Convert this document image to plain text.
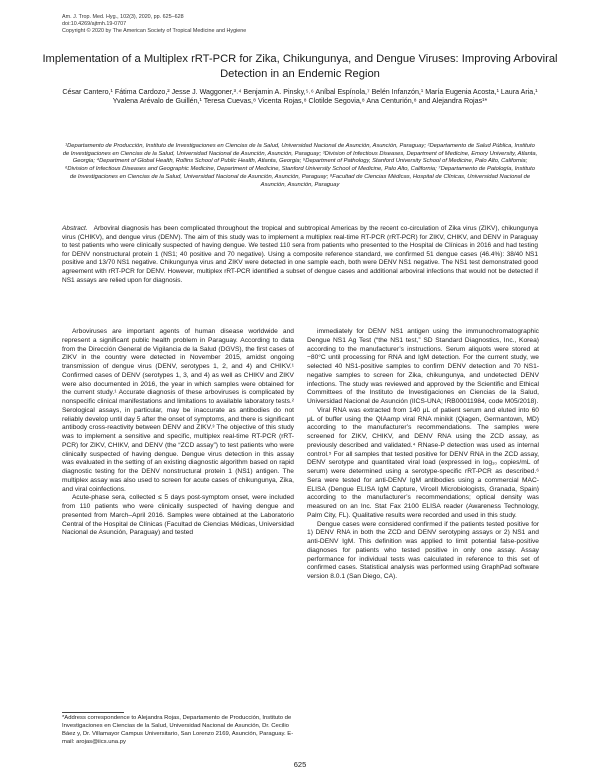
Am. J. Trop. Med. Hyg., 102(3), 2020, pp. 625–628
doi:10.4269/ajtmh.19-0707
Copyright © 2020 by The American Society of Tropical Medicine and Hygiene
Implementation of a Multiplex rRT-PCR for Zika, Chikungunya, and Dengue Viruses: Improving Arboviral Detection in an Endemic Region
César Cantero,¹ Fátima Cardozo,² Jesse J. Waggoner,³˒⁴ Benjamin A. Pinsky,⁵˒⁶ Aníbal Espínola,⁷ Belén Infanzón,¹ María Eugenia Acosta,¹ Laura Aria,¹ Yvalena Arévalo de Guillén,¹ Teresa Cuevas,⁸ Vicenta Rojas,⁸ Clotilde Segovia,⁸ Ana Centurión,⁸ and Alejandra Rojas¹*
¹Departamento de Producción, Instituto de Investigaciones en Ciencias de la Salud, Universidad Nacional de Asunción, Asunción, Paraguay; ²Departamento de Salud Pública, Instituto de Investigaciones en Ciencias de la Salud, Universidad Nacional de Asunción, Asunción, Paraguay; ³Division of Infectious Diseases, Department of Medicine, Emory University, Atlanta, Georgia; ⁴Department of Global Health, Rollins School of Public Health, Atlanta, Georgia; ⁵Department of Pathology, Stanford University School of Medicine, Palo Alto, California; ⁶Division of Infectious Diseases and Geographic Medicine, Department of Medicine, Stanford University School of Medicine, Palo Alto, California; ⁷Departamento de Patología, Instituto de Investigaciones en Ciencias de la Salud, Universidad Nacional de Asunción, Asunción, Paraguay; ⁸Facultad de Ciencias Médicas, Hospital de Clínicas, Universidad Nacional de Asunción, Asunción, Paraguay
Abstract. Arboviral diagnosis has been complicated throughout the tropical and subtropical Americas by the recent co-circulation of Zika virus (ZIKV), chikungunya virus (CHIKV), and dengue virus (DENV). The aim of this study was to implement a multiplex real-time RT-PCR (rRT-PCR) for ZIKV, CHIKV, and DENV in Paraguay to test patients who were clinically suspected of having dengue. We tested 110 sera from patients who presented to the Hospital de Clínicas in 2016 and had testing for DENV nonstructural protein 1 (NS1; 40 positive and 70 negative). Using a composite reference standard, we confirmed 51 dengue cases (46.4%): 38/40 NS1 positive and 13/70 NS1 negative. Chikungunya virus and ZIKV were detected in one sample each, both were DENV NS1 negative. The NS1 test demonstrated good agreement with rRT-PCR for DENV. However, multiplex rRT-PCR identified a subset of dengue cases and additional arboviral infections that would not be detected if NS1 assays are relied upon for diagnosis.

Arboviruses are important agents of human disease worldwide and represent a significant public health problem in Paraguay. According to data from the Dirección General de Vigilancia de la Salud (DGVS), the first cases of ZIKV in the country were detected in November 2015, amidst ongoing transmission of dengue virus (DENV, serotypes 1, 2, and 4) and CHIKV.¹ Confirmed cases of DENV (serotypes 1, 3, and 4) as well as CHIKV and ZIKV were also documented in 2016, the year in which samples were obtained for the current study.¹ Accurate diagnosis of these arboviruses is complicated by nonspecific clinical manifestations and limitations to available laboratory tests.² Serological assays, in particular, may be inaccurate as antibodies do not reliably develop until day 5 after the onset of symptoms, and there is significant antibody cross-reactivity between DENV and ZIKV.³ The objective of this study was to implement a sensitive and specific, multiplex real-time RT-PCR (rRT-PCR) for ZIKV, CHIKV, and DENV (the “ZCD assay”) to test patients who were clinically suspected of having dengue. Dengue virus detection in this assay was evaluated in the setting of an existing diagnostic algorithm based on rapid diagnostic testing for the DENV nonstructural protein 1 (NS1) antigen. The multiplex assay was also used to screen for acute cases of chikungunya, Zika, and viral coinfections.

Acute-phase sera, collected ≤ 5 days post-symptom onset, were included from 110 patients who were clinically suspected of having dengue and presented from March–April 2016. Samples were obtained at the Laboratorio Central of the Hospital de Clínicas (Facultad de Ciencias Médicas, Universidad Nacional de Asunción, Paraguay) and tested

immediately for DENV NS1 antigen using the immunochromatographic Dengue NS1 Ag Test (“the NS1 test,” SD Standard Diagnostics, Inc., Korea) according to the manufacturer’s instructions. Serum aliquots were stored at −80°C until processing for RNA and IgM detection. For the current study, we selected 40 NS1-positive samples to confirm DENV detection and 70 NS1-negative samples to screen for Zika, chikungunya, and undetected DENV infections. The study was reviewed and approved by the Scientific and Ethical Committees of the Instituto de Investigaciones en Ciencias de la Salud, Universidad Nacional de Asunción (IICS-UNA; IRB00011984, code M05/2018).

Viral RNA was extracted from 140 μL of patient serum and eluted into 60 μL of buffer using the QIAamp viral RNA minikit (Qiagen, Germantown, MD) according to the manufacturer’s recommendations. The samples were screened for ZIKV, CHIKV, and DENV RNA using the ZCD assay, as previously described and validated.⁴ RNase-P detection was used as internal control.⁵ For all samples that tested positive for DENV RNA in the ZCD assay, DENV serotype and quantitated viral load (expressed in log₁₀ copies/mL of serum) were determined using a serotype-specific rRT-PCR as described.⁶ Sera were tested for anti-DENV IgM antibodies using a commercial MAC-ELISA (Dengue ELISA IgM Capture, Vircell Microbiologists, Granada, Spain) according to the manufacturer’s recommendations; optical density was measured on an Inc. Stat Fax 2100 ELISA reader (Awareness Technology, Palm City, FL). Qualitative results were recorded and used in this study.

Dengue cases were considered confirmed if the patients tested positive for 1) DENV RNA in both the ZCD and DENV serotyping assays or 2) NS1 and anti-DENV IgM. This definition was applied to limit potential false-positive diagnoses for patients who tested positive in only one assay. Assay performance for individual tests was calculated in reference to this set of confirmed cases. Statistical analysis was performed using GraphPad software version 8.0.1 (San Diego, CA).

*Address correspondence to Alejandra Rojas, Departamento de Producción, Instituto de Investigaciones en Ciencias de la Salud, Universidad Nacional de Asunción, Dr. Cecilio Báez y, Dr. Villamayor Campus Universitario, San Lorenzo 2169, Asunción, Paraguay. E-mail: arojas@iics.una.py

625
